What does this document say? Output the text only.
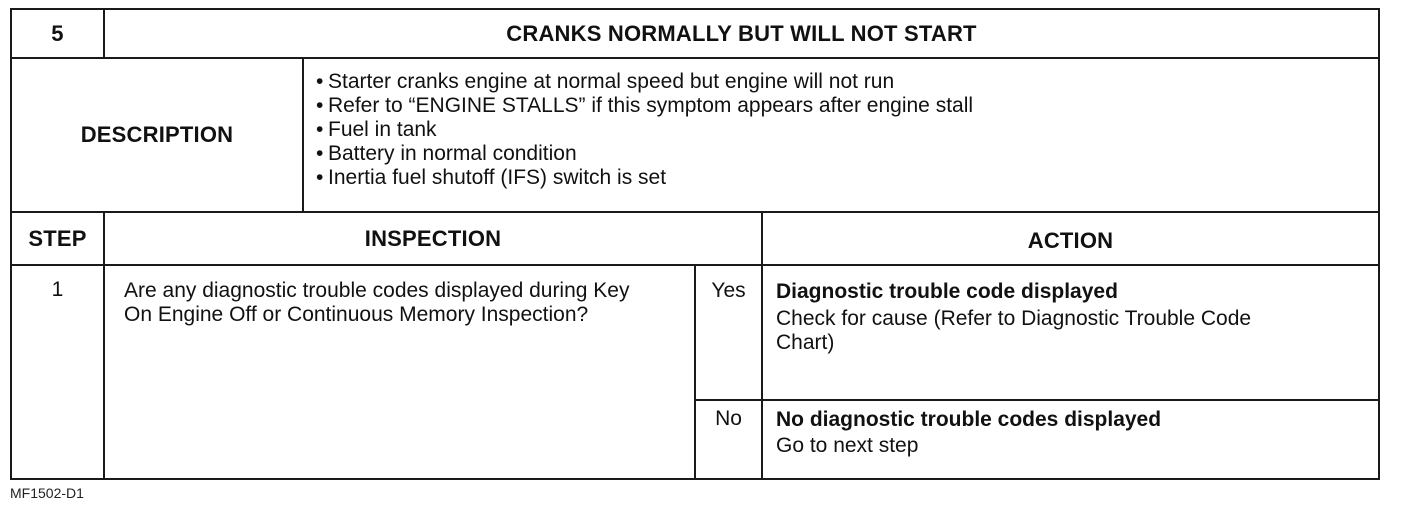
5	CRANKS NORMALLY BUT WILL NOT START
DESCRIPTION
• Starter cranks engine at normal speed but engine will not run
• Refer to “ENGINE STALLS” if this symptom appears after engine stall
• Fuel in tank
• Battery in normal condition
• Inertia fuel shutoff (IFS) switch is set
STEP	INSPECTION	ACTION
1	Are any diagnostic trouble codes displayed during Key On Engine Off or Continuous Memory Inspection?
Yes	Diagnostic trouble code displayed
Check for cause (Refer to Diagnostic Trouble Code Chart)
No	No diagnostic trouble codes displayed
Go to next step
MF1502-D1
